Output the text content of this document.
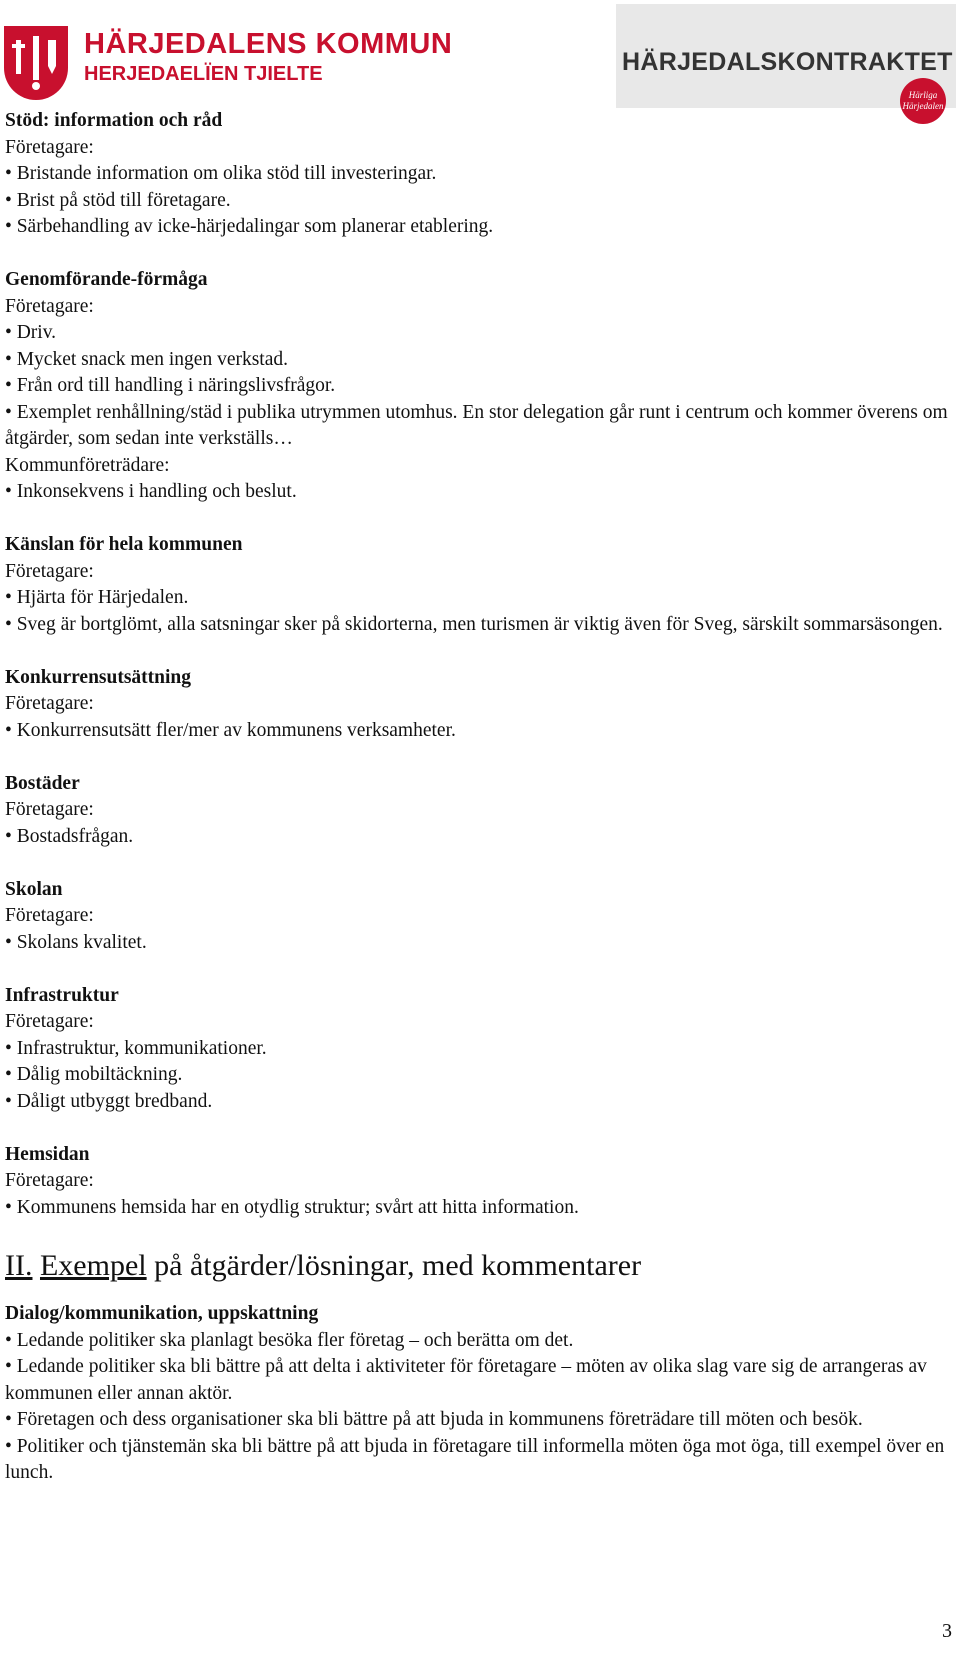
HÄRJEDALENS KOMMUN
HERJEDAELÏEN TJIELTE	HÄRJEDALSKONTRAKTET
Härliga
Härjedalen
Stöd: information och råd
Företagare:
• Bristande information om olika stöd till investeringar.
• Brist på stöd till företagare.
• Särbehandling av icke-härjedalingar som planerar etablering.
Genomförande-förmåga
Företagare:
• Driv.
• Mycket snack men ingen verkstad.
• Från ord till handling i näringslivsfrågor.
• Exemplet renhållning/städ i publika utrymmen utomhus. En stor delegation går runt i centrum och kommer överens om åtgärder, som sedan inte verkställs…
Kommunföreträdare:
• Inkonsekvens i handling och beslut.
Känslan för hela kommunen
Företagare:
• Hjärta för Härjedalen.
• Sveg är bortglömt, alla satsningar sker på skidorterna, men turismen är viktig även för Sveg, särskilt sommarsäsongen.
Konkurrensutsättning
Företagare:
• Konkurrensutsätt fler/mer av kommunens verksamheter.
Bostäder
Företagare:
• Bostadsfrågan.
Skolan
Företagare:
• Skolans kvalitet.
Infrastruktur
Företagare:
• Infrastruktur, kommunikationer.
• Dålig mobiltäckning.
• Dåligt utbyggt bredband.
Hemsidan
Företagare:
• Kommunens hemsida har en otydlig struktur; svårt att hitta information.
II. Exempel på åtgärder/lösningar, med kommentarer
Dialog/kommunikation, uppskattning
• Ledande politiker ska planlagt besöka fler företag – och berätta om det.
• Ledande politiker ska bli bättre på att delta i aktiviteter för företagare – möten av olika slag vare sig de arrangeras av kommunen eller annan aktör.
• Företagen och dess organisationer ska bli bättre på att bjuda in kommunens företrädare till möten och besök.
• Politiker och tjänstemän ska bli bättre på att bjuda in företagare till informella möten öga mot öga, till exempel över en lunch.
3
